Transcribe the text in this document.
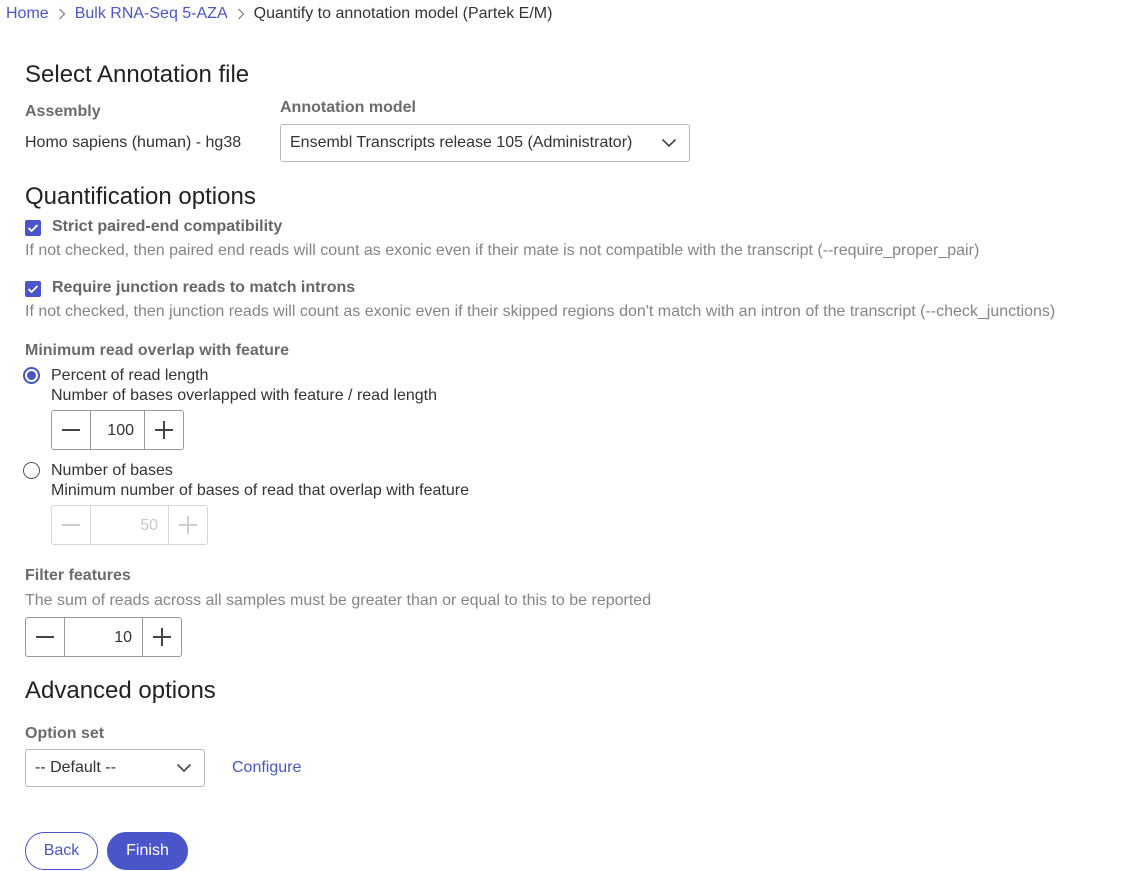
Home Bulk RNA-Seq 5-AZA Quantify to annotation model (Partek E/M)
Select Annotation file
Assembly
Homo sapiens (human) - hg38
Annotation model
Ensembl Transcripts release 105 (Administrator)
Quantification options
Strict paired-end compatibility
If not checked, then paired end reads will count as exonic even if their mate is not compatible with the transcript (--require_proper_pair)
Require junction reads to match introns
If not checked, then junction reads will count as exonic even if their skipped regions don't match with an intron of the transcript (--check_junctions)
Minimum read overlap with feature
Percent of read length
Number of bases overlapped with feature / read length
100
Number of bases
Minimum number of bases of read that overlap with feature
50
Filter features
The sum of reads across all samples must be greater than or equal to this to be reported
10
Advanced options
Option set
-- Default --	Configure
Back	Finish
